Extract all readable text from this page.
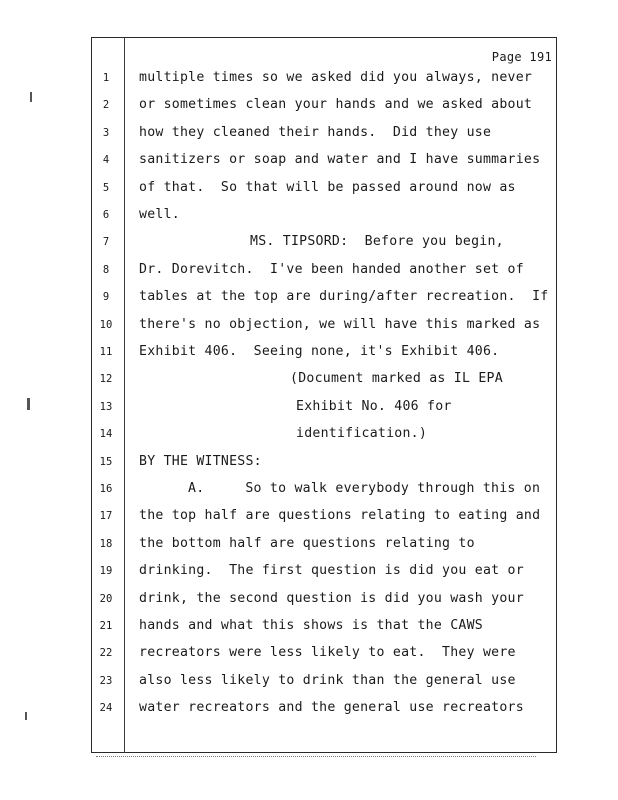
Page 191
1	multiple times so we asked did you always, never
2	or sometimes clean your hands and we asked about
3	how they cleaned their hands.  Did they use
4	sanitizers or soap and water and I have summaries
5	of that.  So that will be passed around now as
6	well.
7	MS. TIPSORD:  Before you begin,
8	Dr. Dorevitch.  I've been handed another set of
9	tables at the top are during/after recreation.  If
10 there's no objection, we will have this marked as
11 Exhibit 406.  Seeing none, it's Exhibit 406.
12	(Document marked as IL EPA
13	Exhibit No. 406 for
14	identification.)
15 BY THE WITNESS:
16	A.     So to walk everybody through this on
17 the top half are questions relating to eating and
18 the bottom half are questions relating to
19 drinking.  The first question is did you eat or
20 drink, the second question is did you wash your
21 hands and what this shows is that the CAWS
22 recreators were less likely to eat.  They were
23 also less likely to drink than the general use
24 water recreators and the general use recreators
